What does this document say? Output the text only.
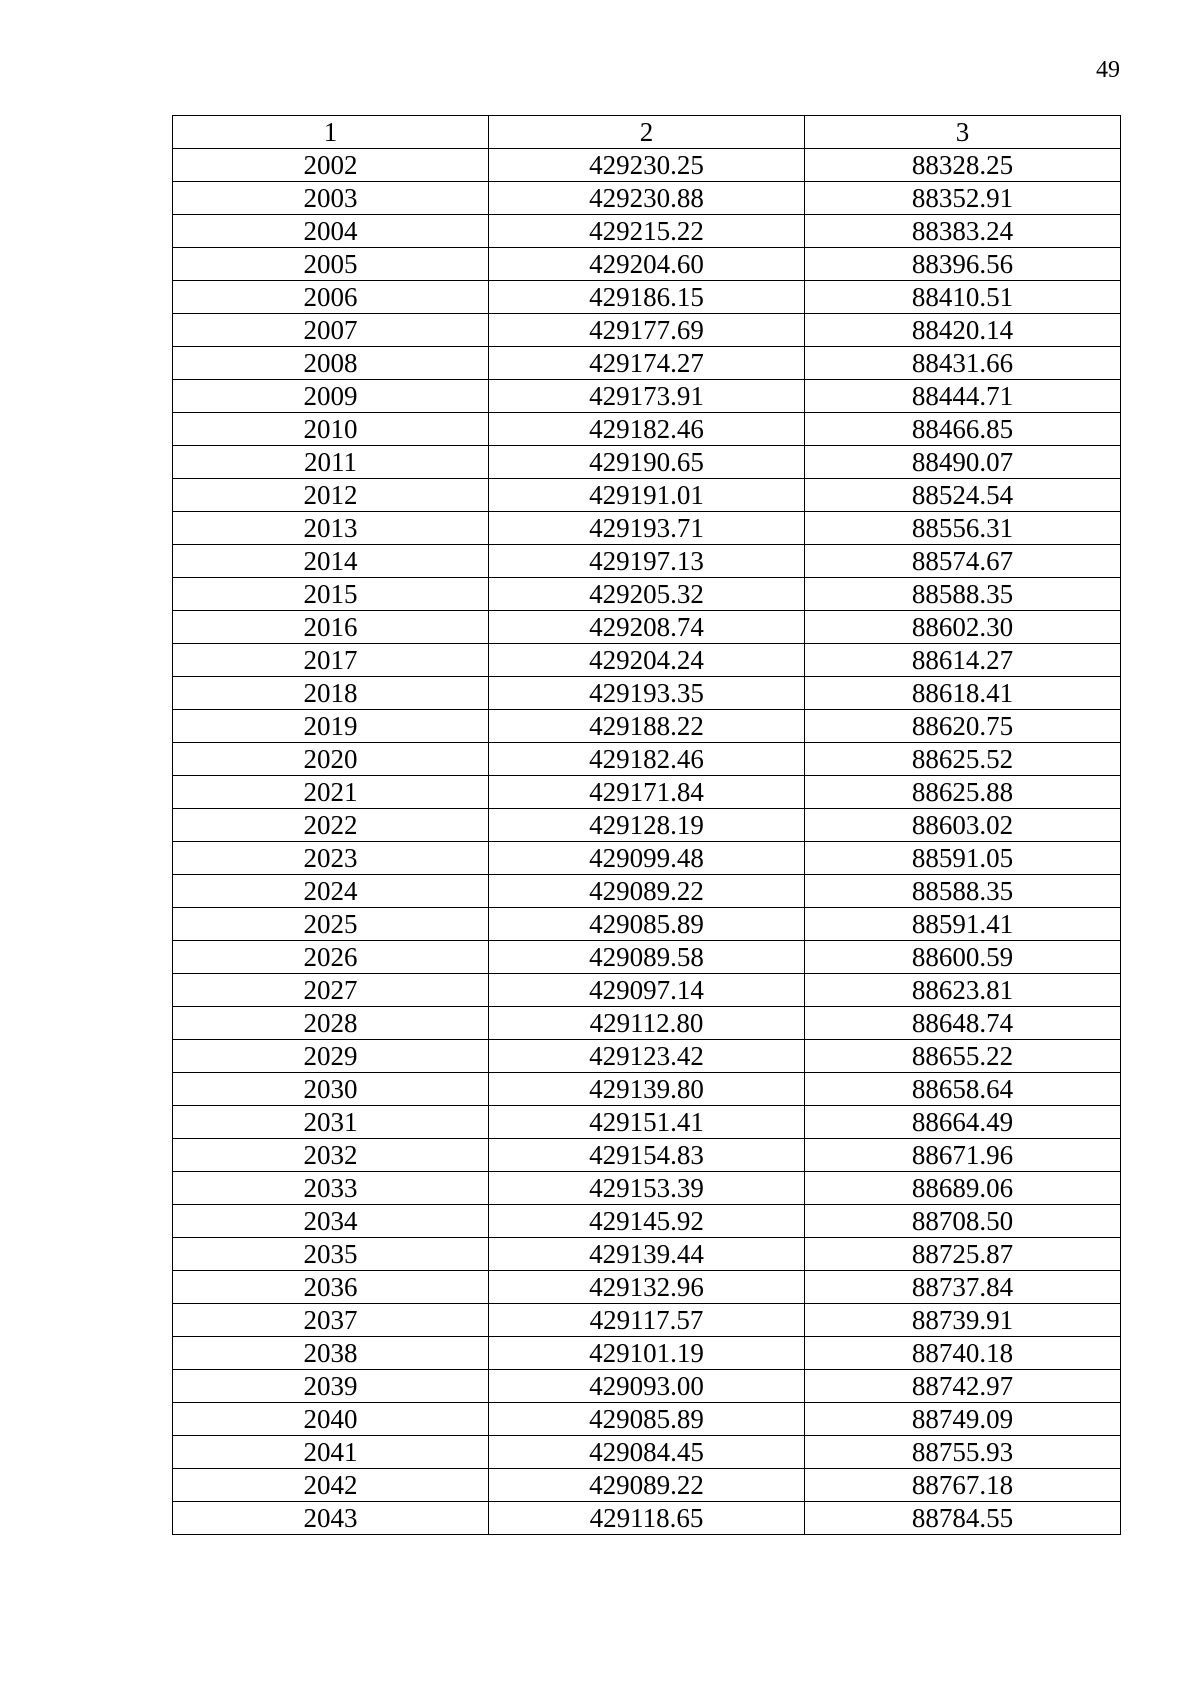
49
1	2	3
2002	429230.25	88328.25
2003	429230.88	88352.91
2004	429215.22	88383.24
2005	429204.60	88396.56
2006	429186.15	88410.51
2007	429177.69	88420.14
2008	429174.27	88431.66
2009	429173.91	88444.71
2010	429182.46	88466.85
2011	429190.65	88490.07
2012	429191.01	88524.54
2013	429193.71	88556.31
2014	429197.13	88574.67
2015	429205.32	88588.35
2016	429208.74	88602.30
2017	429204.24	88614.27
2018	429193.35	88618.41
2019	429188.22	88620.75
2020	429182.46	88625.52
2021	429171.84	88625.88
2022	429128.19	88603.02
2023	429099.48	88591.05
2024	429089.22	88588.35
2025	429085.89	88591.41
2026	429089.58	88600.59
2027	429097.14	88623.81
2028	429112.80	88648.74
2029	429123.42	88655.22
2030	429139.80	88658.64
2031	429151.41	88664.49
2032	429154.83	88671.96
2033	429153.39	88689.06
2034	429145.92	88708.50
2035	429139.44	88725.87
2036	429132.96	88737.84
2037	429117.57	88739.91
2038	429101.19	88740.18
2039	429093.00	88742.97
2040	429085.89	88749.09
2041	429084.45	88755.93
2042	429089.22	88767.18
2043	429118.65	88784.55
